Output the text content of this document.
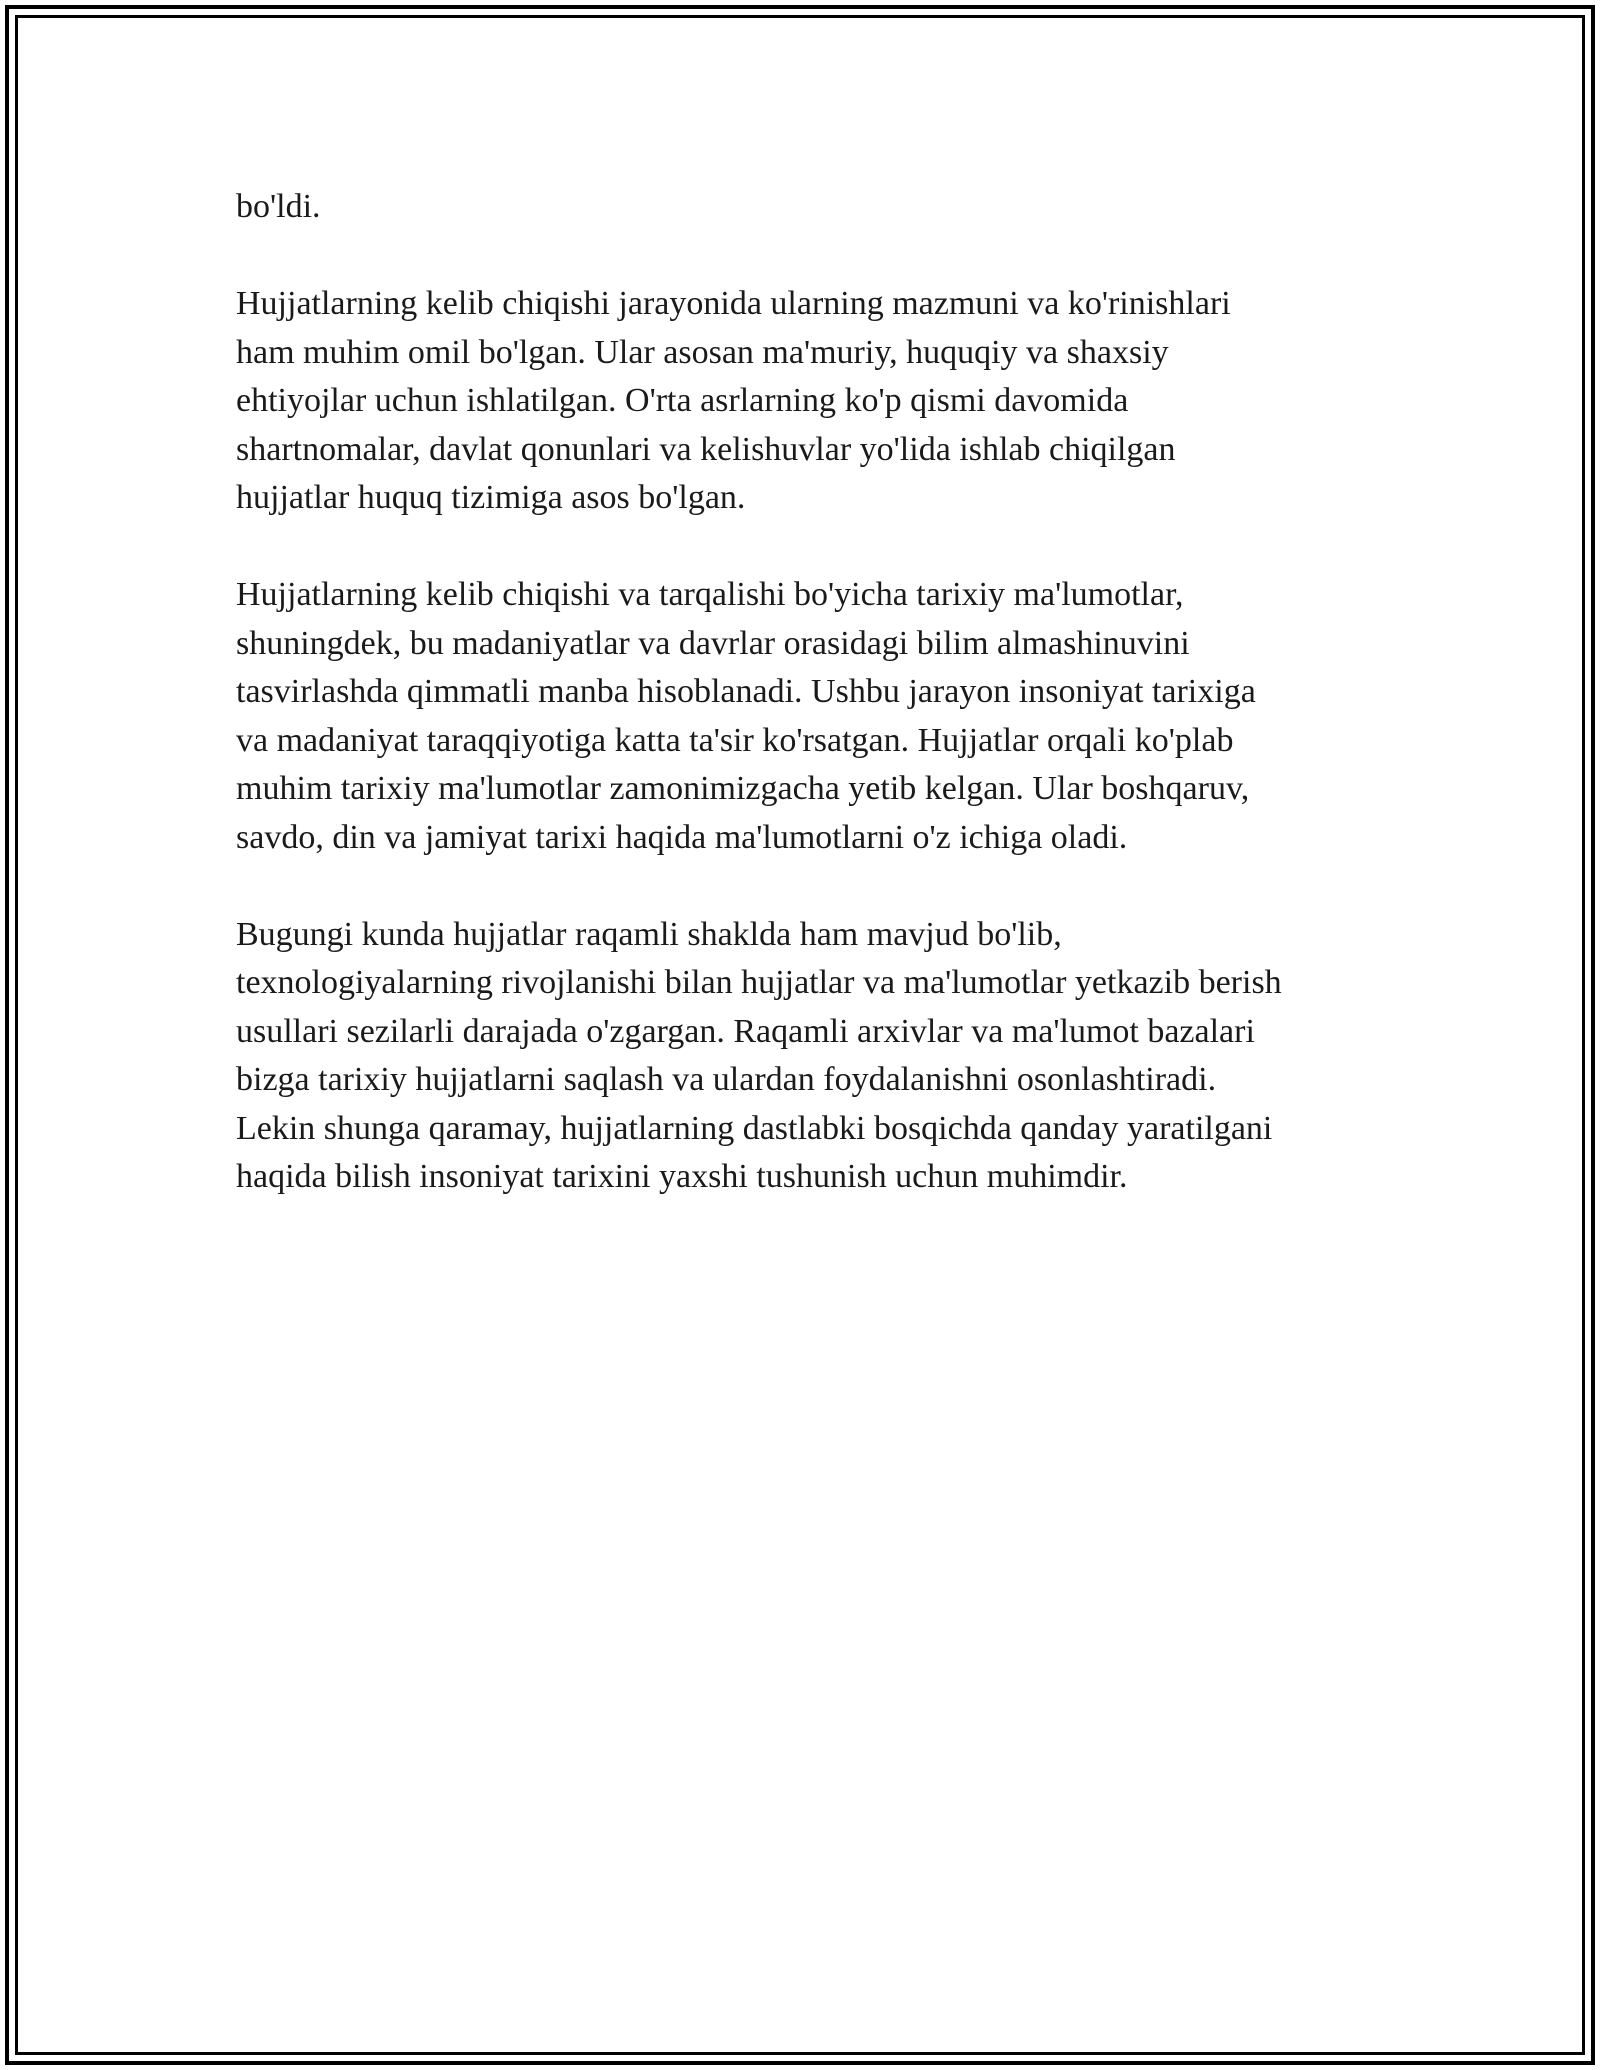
bo'ldi.

Hujjatlarning kelib chiqishi jarayonida ularning mazmuni va ko'rinishlari
ham muhim omil bo'lgan. Ular asosan ma'muriy, huquqiy va shaxsiy
ehtiyojlar uchun ishlatilgan. O'rta asrlarning ko'p qismi davomida
shartnomalar, davlat qonunlari va kelishuvlar yo'lida ishlab chiqilgan
hujjatlar huquq tizimiga asos bo'lgan.

Hujjatlarning kelib chiqishi va tarqalishi bo'yicha tarixiy ma'lumotlar,
shuningdek, bu madaniyatlar va davrlar orasidagi bilim almashinuvini
tasvirlashda qimmatli manba hisoblanadi. Ushbu jarayon insoniyat tarixiga
va madaniyat taraqqiyotiga katta ta'sir ko'rsatgan. Hujjatlar orqali ko'plab
muhim tarixiy ma'lumotlar zamonimizgacha yetib kelgan. Ular boshqaruv,
savdo, din va jamiyat tarixi haqida ma'lumotlarni o'z ichiga oladi.

Bugungi kunda hujjatlar raqamli shaklda ham mavjud bo'lib,
texnologiyalarning rivojlanishi bilan hujjatlar va ma'lumotlar yetkazib berish
usullari sezilarli darajada o'zgargan. Raqamli arxivlar va ma'lumot bazalari
bizga tarixiy hujjatlarni saqlash va ulardan foydalanishni osonlashtiradi.
Lekin shunga qaramay, hujjatlarning dastlabki bosqichda qanday yaratilgani
haqida bilish insoniyat tarixini yaxshi tushunish uchun muhimdir.
